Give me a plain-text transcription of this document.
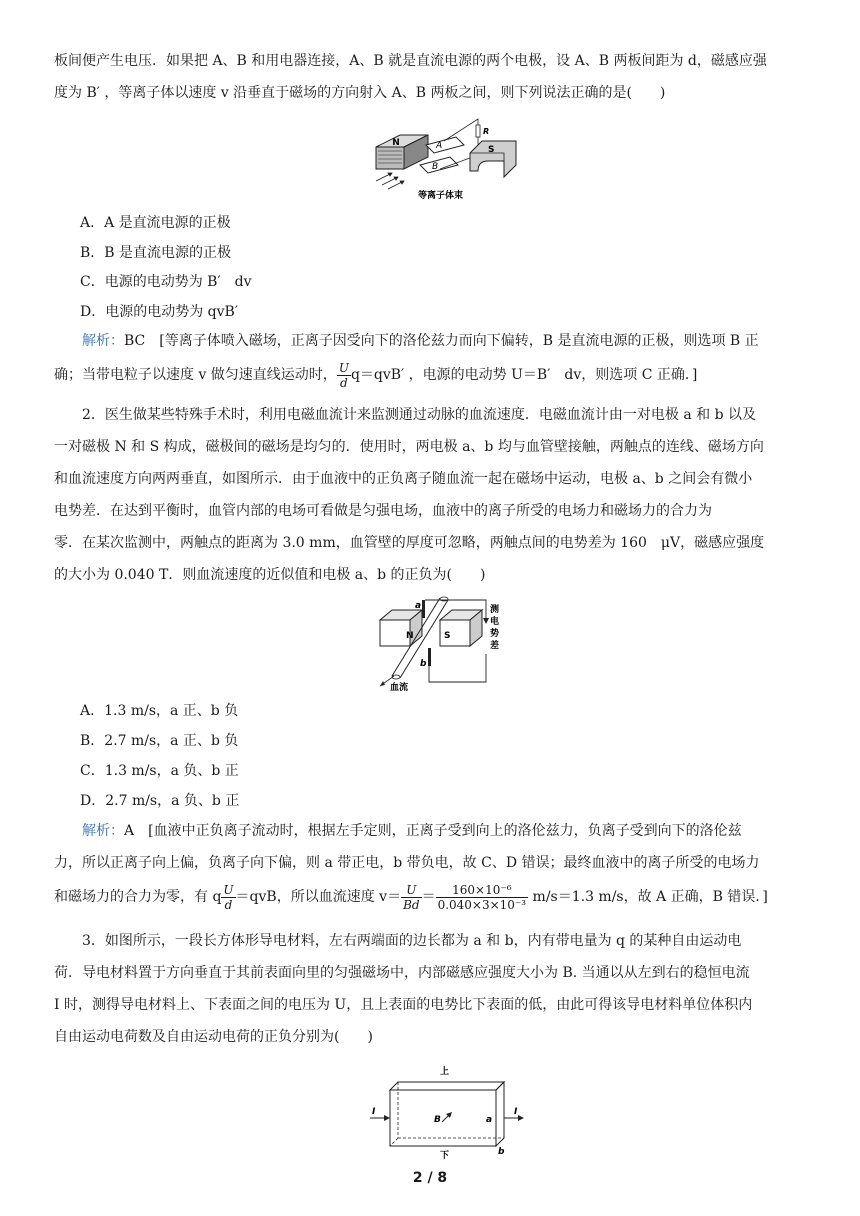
板间便产生电压．如果把 A、B 和用电器连接，A、B 就是直流电源的两个电极，设 A、B 两板间距为 d，磁感应强

度为 B′ ，等离子体以速度 v 沿垂直于磁场的方向射入 A、B 两板之间，则下列说法正确的是(　　)

N	A
B
R
S
等离子体束

A．A 是直流电源的正极

B．B 是直流电源的正极

C．电源的电动势为 B′　dv

D．电源的电动势为 qvB′

解析：BC　[等离子体喷入磁场，正离子因受向下的洛伦兹力而向下偏转，B 是直流电源的正极，则选项 B 正

确；当带电粒子以速度 v 做匀速直线运动时， $\frac{U}{d} q=qvB'$ ，电源的电动势 U＝B′　dv，则选项 C 正确．]

2．医生做某些特殊手术时，利用电磁血流计来监测通过动脉的血流速度．电磁血流计由一对电极 a 和 b 以及

一对磁极 N 和 S 构成，磁极间的磁场是均匀的．使用时，两电极 a、b 均与血管壁接触，两触点的连线、磁场方向

和血流速度方向两两垂直，如图所示．由于血液中的正负离子随血流一起在磁场中运动，电极 a、b 之间会有微小

电势差．在达到平衡时，血管内部的电场可看做是匀强电场，血液中的离子所受的电场力和磁场力的合力为

零．在某次监测中，两触点的距离为 3.0 mm，血管壁的厚度可忽略，两触点间的电势差为 160　μV，磁感应强度

的大小为 0.040 T．则血流速度的近似值和电极 a、b 的正负为(　　)

N	S
a
b
测
电
势
差
血流

A．1.3 m/s，a 正、b 负

B．2.7 m/s，a 正、b 负

C．1.3 m/s，a 负、b 正

D．2.7 m/s，a 负、b 正

解析：A　[血液中正负离子流动时，根据左手定则，正离子受到向上的洛伦兹力，负离子受到向下的洛伦兹

力，所以正离子向上偏，负离子向下偏，则 a 带正电，b 带负电，故 C、D 错误；最终血液中的离子所受的电场力

和磁场力的合力为零，有 q $\frac{U}{d} =qvB$，所以血流速度 $v= \frac{U}{Bd} = \frac{\text{160×10⁻⁶}}{\text{0.040×3×10⁻³}} m/s=1.3$ m/s，故 A 正确，B 错误．]

3．如图所示，一段长方体形导电材料，左右两端面的边长都为 a 和 b，内有带电量为 q 的某种自由运动电

荷．导电材料置于方向垂直于其前表面向里的匀强磁场中，内部磁感应强度大小为 B. 当通以从左到右的稳恒电流

I 时，测得导电材料上、下表面之间的电压为 U，且上表面的电势比下表面的低，由此可得该导电材料单位体积内

自由运动电荷数及自由运动电荷的正负分别为(　　)

上
I	I
B	a
b
下
2 / 8
